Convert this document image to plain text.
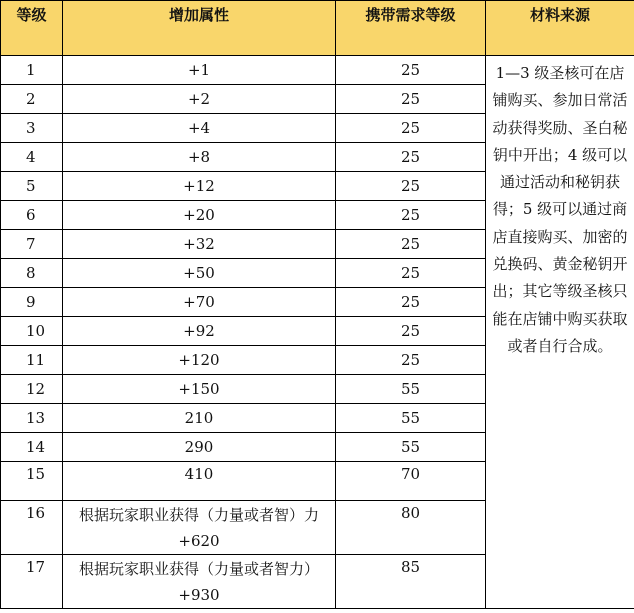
等级	增加属性	携带需求等级	材料来源
1	+1	25	1—3 级圣核可在店铺购买、参加日常活动获得奖励、圣白秘钥中开出；4 级可以通过活动和秘钥获得；5 级可以通过商店直接购买、加密的兑换码、黄金秘钥开出；其它等级圣核只能在店铺中购买获取或者自行合成。
2	+2	25	
3	+4	25	
4	+8	25	
5	+12	25	
6	+20	25	
7	+32	25	
8	+50	25	
9	+70	25	
10	+92	25	
11	+120	25	
12	+150	55	
13	210	55	
14	290	55	
15	410	70	
16	根据玩家职业获得（力量或者智）力+620	80	
17	根据玩家职业获得（力量或者智力）+930	85	
